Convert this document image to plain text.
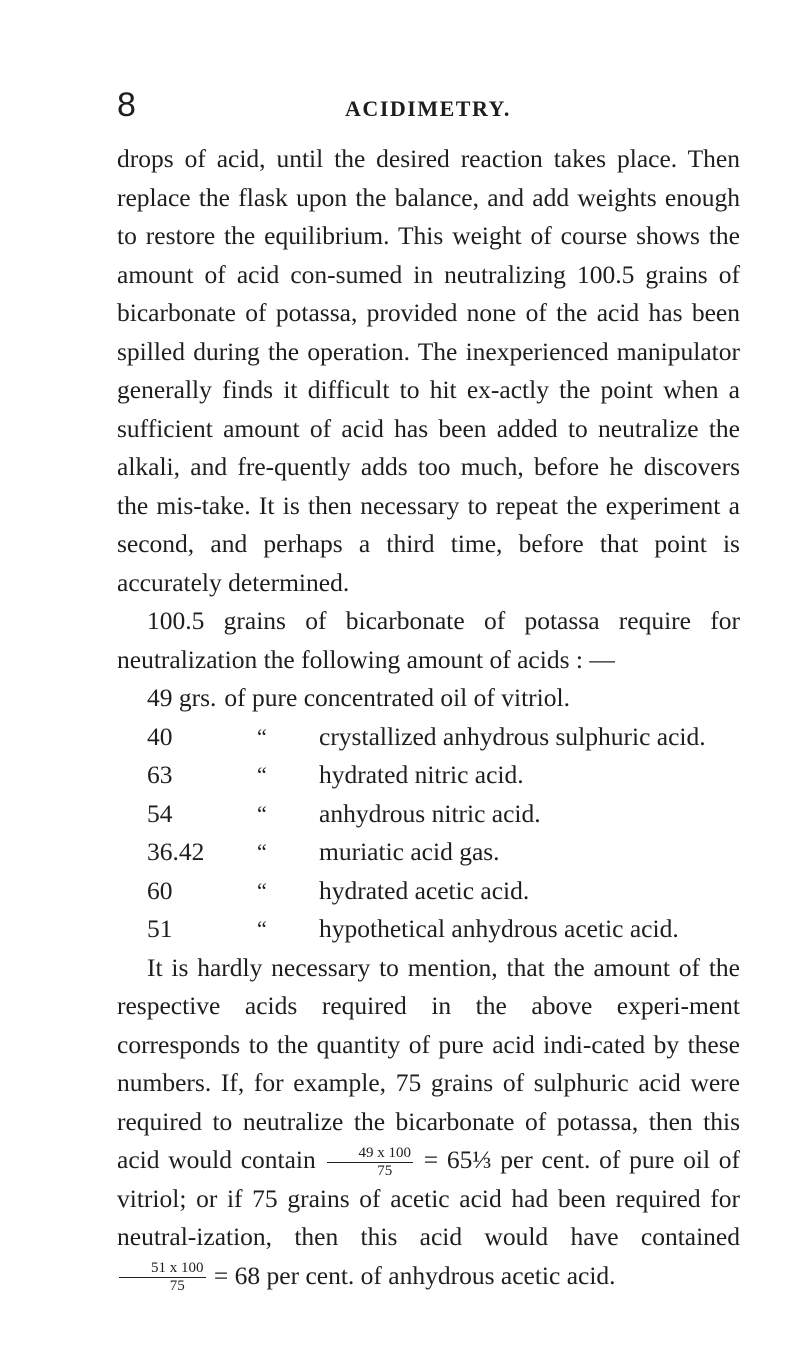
8	ACIDIMETRY.
drops of acid, until the desired reaction takes place. Then replace the flask upon the balance, and add weights enough to restore the equilibrium. This weight of course shows the amount of acid con-sumed in neutralizing 100.5 grains of bicarbonate of potassa, provided none of the acid has been spilled during the operation. The inexperienced manipulator generally finds it difficult to hit ex-actly the point when a sufficient amount of acid has been added to neutralize the alkali, and fre-quently adds too much, before he discovers the mis-take. It is then necessary to repeat the experiment a second, and perhaps a third time, before that point is accurately determined.
100.5 grains of bicarbonate of potassa require for neutralization the following amount of acids : —
49 grs. of pure concentrated oil of vitriol.
40	“	crystallized anhydrous sulphuric acid.
63	“	hydrated nitric acid.
54	“	anhydrous nitric acid.
36.42	“	muriatic acid gas.
60	“	hydrated acetic acid.
51	“	hypothetical anhydrous acetic acid.
It is hardly necessary to mention, that the amount of the respective acids required in the above experi-ment corresponds to the quantity of pure acid indi-cated by these numbers. If, for example, 75 grains of sulphuric acid were required to neutralize the bicarbonate of potassa, then this acid would contain $\frac{49 x 100}{75}$ = 65⅓ per cent. of pure oil of vitriol; or if 75 grains of acetic acid had been required for neutral-ization, then this acid would have contained
$\frac{51 x 100}{75} = 68$ per cent. of anhydrous acetic acid.
